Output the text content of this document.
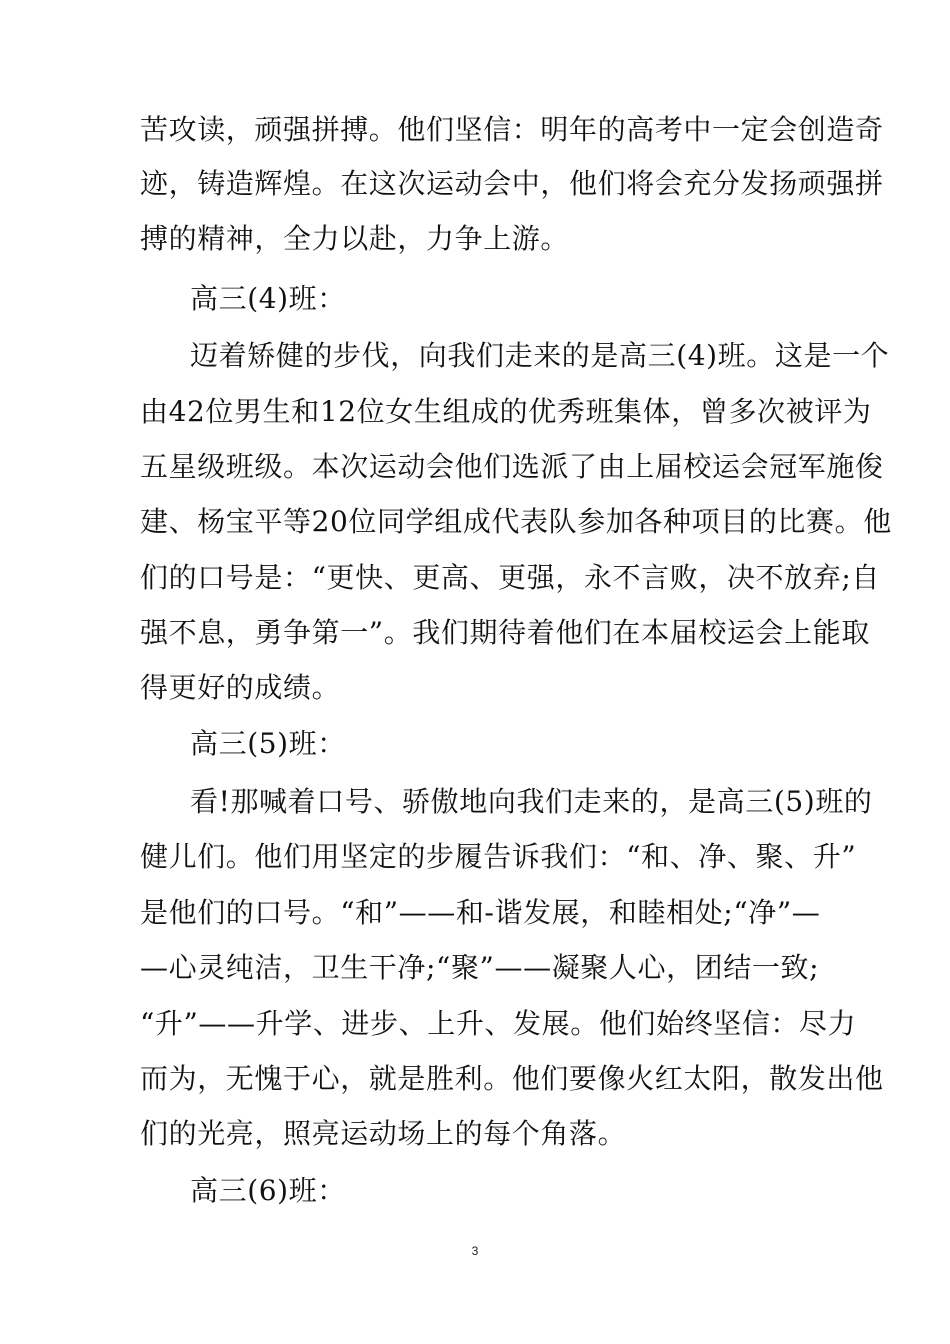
苦攻读，顽强拼搏。他们坚信：明年的高考中一定会创造奇
迹，铸造辉煌。在这次运动会中，他们将会充分发扬顽强拼
搏的精神，全力以赴，力争上游。
高三(4)班：
迈着矫健的步伐，向我们走来的是高三(4)班。这是一个
由42位男生和12位女生组成的优秀班集体，曾多次被评为
五星级班级。本次运动会他们选派了由上届校运会冠军施俊
建、杨宝平等20位同学组成代表队参加各种项目的比赛。他
们的口号是：“更快、更高、更强，永不言败，决不放弃;自
强不息，勇争第一”。我们期待着他们在本届校运会上能取
得更好的成绩。
高三(5)班：
看!那喊着口号、骄傲地向我们走来的，是高三(5)班的
健儿们。他们用坚定的步履告诉我们：“和、净、聚、升”
是他们的口号。“和”——和-谐发展，和睦相处;“净”—
—心灵纯洁，卫生干净;“聚”——凝聚人心，团结一致;
“升”——升学、进步、上升、发展。他们始终坚信：尽力
而为，无愧于心，就是胜利。他们要像火红太阳，散发出他
们的光亮，照亮运动场上的每个角落。
高三(6)班：
3
